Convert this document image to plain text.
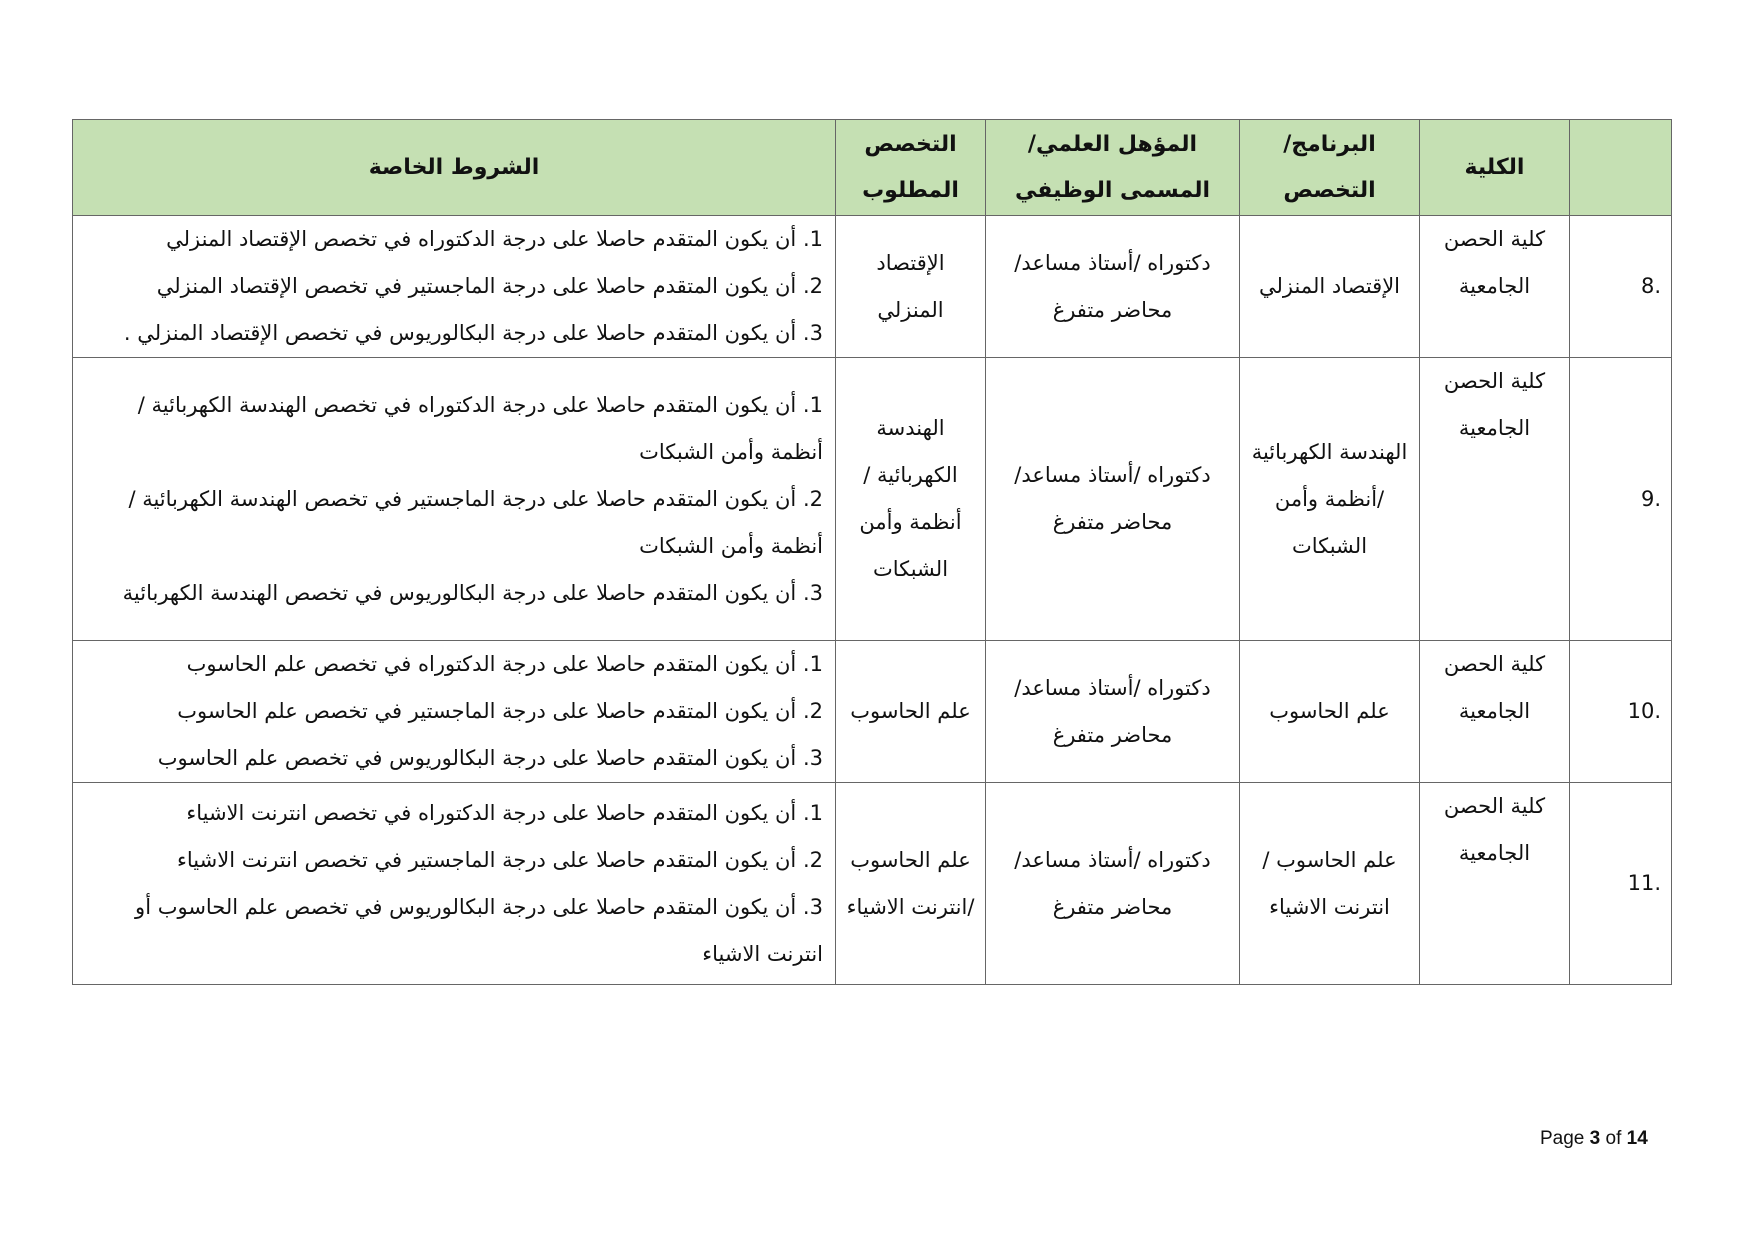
	الكلية	البرنامج/ التخصص	المؤهل العلمي/المسمى الوظيفي	التخصص المطلوب	الشروط الخاصة
8.	كلية الحصن الجامعية	الإقتصاد المنزلي	دكتوراه /أستاذ مساعد/محاضر متفرغ	الإقتصاد المنزلي	1. أن يكون المتقدم حاصلا على درجة الدكتوراه في تخصص الإقتصاد المنزلي
2. أن يكون المتقدم حاصلا على درجة الماجستير في تخصص الإقتصاد المنزلي
3. أن يكون المتقدم حاصلا على درجة البكالوريوس في تخصص الإقتصاد المنزلي .

9.	كلية الحصن الجامعية	الهندسة الكهربائية /أنظمة وأمن الشبكات	دكتوراه /أستاذ مساعد/محاضر متفرغ	الهندسة الكهربائية /أنظمة وأمن الشبكات	1. أن يكون المتقدم حاصلا على درجة الدكتوراه في تخصص الهندسة الكهربائية /أنظمة وأمن الشبكات
2. أن يكون المتقدم حاصلا على درجة الماجستير في تخصص الهندسة الكهربائية /أنظمة وأمن الشبكات
3. أن يكون المتقدم حاصلا على درجة البكالوريوس في تخصص الهندسة الكهربائية

10.	كلية الحصن الجامعية	علم الحاسوب	دكتوراه /أستاذ مساعد/محاضر متفرغ	علم الحاسوب	1. أن يكون المتقدم حاصلا على درجة الدكتوراه في تخصص علم الحاسوب
2. أن يكون المتقدم حاصلا على درجة الماجستير في تخصص علم الحاسوب
3. أن يكون المتقدم حاصلا على درجة البكالوريوس في تخصص علم الحاسوب

11.	كلية الحصن الجامعية	علم الحاسوب /انترنت الاشياء	دكتوراه /أستاذ مساعد/محاضر متفرغ	علم الحاسوب /انترنت الاشياء	1. أن يكون المتقدم حاصلا على درجة الدكتوراه في تخصص انترنت الاشياء
2. أن يكون المتقدم حاصلا على درجة الماجستير في تخصص انترنت الاشياء
3. أن يكون المتقدم حاصلا على درجة البكالوريوس في تخصص علم الحاسوب أو انترنت الاشياء
Page 3 of 14
